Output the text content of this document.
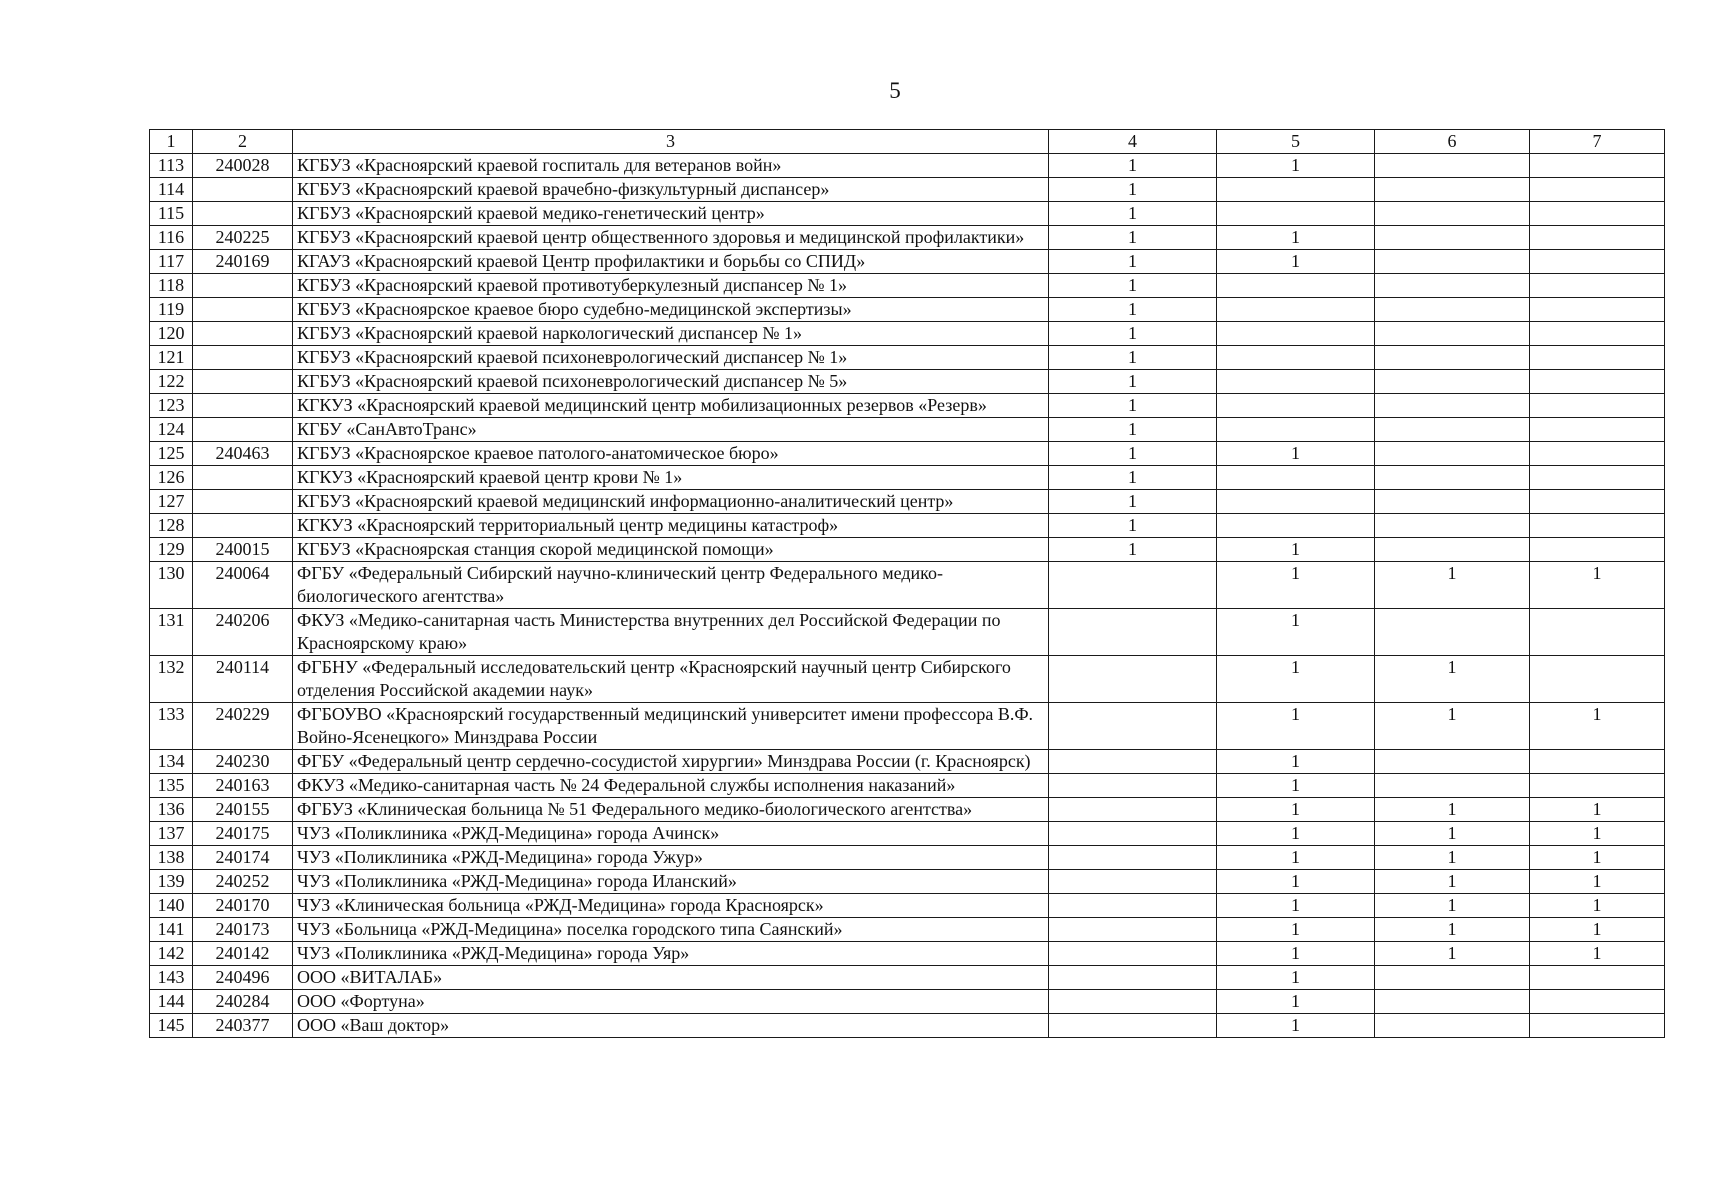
5
1	2	3	4	5	6	7
113	240028	КГБУЗ «Красноярский краевой госпиталь для ветеранов войн»	1	1		
114		КГБУЗ «Красноярский краевой врачебно-физкультурный диспансер»	1			
115		КГБУЗ «Красноярский краевой медико-генетический центр»	1			
116	240225	КГБУЗ «Красноярский краевой центр общественного здоровья и медицинской профилактики»	1	1		
117	240169	КГАУЗ «Красноярский краевой Центр профилактики и борьбы со СПИД»	1	1		
118		КГБУЗ «Красноярский краевой противотуберкулезный диспансер № 1»	1			
119		КГБУЗ «Красноярское краевое бюро судебно-медицинской экспертизы»	1			
120		КГБУЗ «Красноярский краевой наркологический диспансер № 1»	1			
121		КГБУЗ «Красноярский краевой психоневрологический диспансер № 1»	1			
122		КГБУЗ «Красноярский краевой психоневрологический диспансер № 5»	1			
123		КГКУЗ «Красноярский краевой медицинский центр мобилизационных резервов «Резерв»	1			
124		КГБУ «СанАвтоТранс»	1			
125	240463	КГБУЗ «Красноярское краевое патолого-анатомическое бюро»	1	1		
126		КГКУЗ «Красноярский краевой центр крови № 1»	1			
127		КГБУЗ «Красноярский краевой медицинский информационно-аналитический центр»	1			
128		КГКУЗ «Красноярский территориальный центр медицины катастроф»	1			
129	240015	КГБУЗ «Красноярская станция скорой медицинской помощи»	1	1		
130	240064	ФГБУ «Федеральный Сибирский научно-клинический центр Федерального медико-биологического агентства»		1	1	1
131	240206	ФКУЗ «Медико-санитарная часть Министерства внутренних дел Российской Федерации по Красноярскому краю»		1		
132	240114	ФГБНУ «Федеральный исследовательский центр «Красноярский научный центр Сибирского отделения Российской академии наук»		1	1	
133	240229	ФГБОУВО «Красноярский государственный медицинский университет имени профессора В.Ф. Войно-Ясенецкого» Минздрава России		1	1	1
134	240230	ФГБУ «Федеральный центр сердечно-сосудистой хирургии» Минздрава России (г. Красноярск)		1		
135	240163	ФКУЗ «Медико-санитарная часть № 24 Федеральной службы исполнения наказаний»		1		
136	240155	ФГБУЗ «Клиническая больница № 51 Федерального медико-биологического агентства»		1	1	1
137	240175	ЧУЗ «Поликлиника «РЖД-Медицина» города Ачинск»		1	1	1
138	240174	ЧУЗ «Поликлиника «РЖД-Медицина» города Ужур»		1	1	1
139	240252	ЧУЗ «Поликлиника «РЖД-Медицина» города Иланский»		1	1	1
140	240170	ЧУЗ «Клиническая больница «РЖД-Медицина» города Красноярск»		1	1	1
141	240173	ЧУЗ «Больница «РЖД-Медицина» поселка городского типа Саянский»		1	1	1
142	240142	ЧУЗ «Поликлиника «РЖД-Медицина» города Уяр»		1	1	1
143	240496	ООО «ВИТАЛАБ»		1		
144	240284	ООО «Фортуна»		1		
145	240377	ООО «Ваш доктор»		1		
